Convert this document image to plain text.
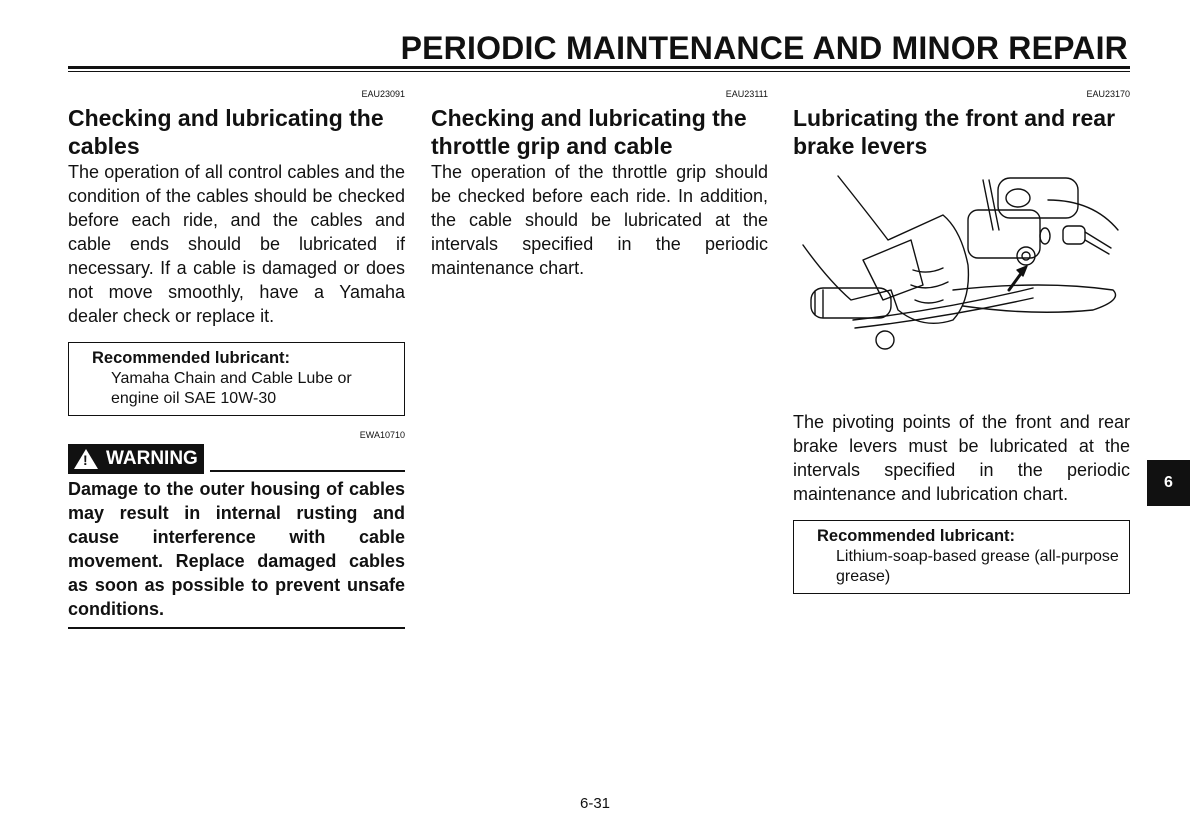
PERIODIC MAINTENANCE AND MINOR REPAIR
EAU23091
Checking and lubricating the cables

The operation of all control cables and the condition of the cables should be checked before each ride, and the cables and cable ends should be lubricated if necessary. If a cable is damaged or does not move smoothly, have a Yamaha dealer check or replace it.

Recommended lubricant:
Yamaha Chain and Cable Lube or engine oil SAE 10W-30
EWA10710
! WARNING
Damage to the outer housing of cables may result in internal rusting and cause interference with cable movement. Replace damaged cables as soon as possible to prevent unsafe conditions.
EAU23111
Checking and lubricating the throttle grip and cable

The operation of the throttle grip should be checked before each ride. In addition, the cable should be lubricated at the intervals specified in the periodic maintenance chart.

EAU23170
Lubricating the front and rear brake levers

The pivoting points of the front and rear brake levers must be lubricated at the intervals specified in the periodic maintenance and lubrication chart.

Recommended lubricant:
Lithium-soap-based grease (all-purpose grease)
6
6-31
